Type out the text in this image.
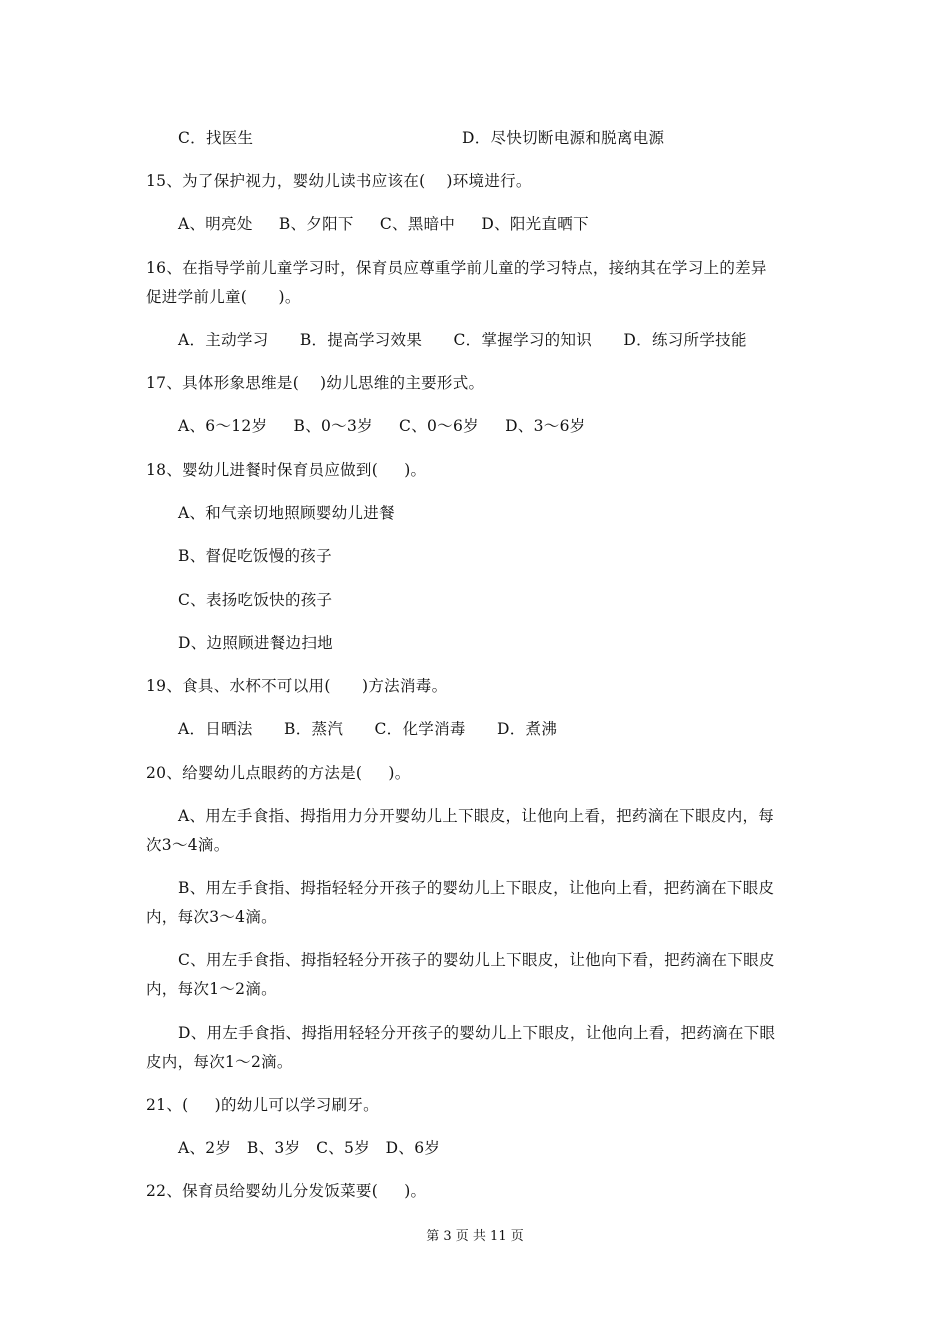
C．找医生	D．尽快切断电源和脱离电源
15、为了保护视力，婴幼儿读书应该在(    )环境进行。
A、明亮处     B、夕阳下     C、黑暗中     D、阳光直晒下
16、在指导学前儿童学习时，保育员应尊重学前儿童的学习特点，接纳其在学习上的差异
促进学前儿童(      )。
A．主动学习      B．提高学习效果      C．掌握学习的知识      D．练习所学技能
17、具体形象思维是(    )幼儿思维的主要形式。
A、6～12岁     B、0～3岁     C、0～6岁     D、3～6岁
18、婴幼儿进餐时保育员应做到(     )。
A、和气亲切地照顾婴幼儿进餐
B、督促吃饭慢的孩子
C、表扬吃饭快的孩子
D、边照顾进餐边扫地
19、食具、水杯不可以用(      )方法消毒。
A．日晒法      B．蒸汽      C．化学消毒      D．煮沸
20、给婴幼儿点眼药的方法是(     )。
A、用左手食指、拇指用力分开婴幼儿上下眼皮，让他向上看，把药滴在下眼皮内，每
次3～4滴。
B、用左手食指、拇指轻轻分开孩子的婴幼儿上下眼皮，让他向上看，把药滴在下眼皮
内，每次3～4滴。
C、用左手食指、拇指轻轻分开孩子的婴幼儿上下眼皮，让他向下看，把药滴在下眼皮
内，每次1～2滴。
D、用左手食指、拇指用轻轻分开孩子的婴幼儿上下眼皮，让他向上看，把药滴在下眼
皮内，每次1～2滴。
21、(     )的幼儿可以学习刷牙。
A、2岁   B、3岁   C、5岁   D、6岁
22、保育员给婴幼儿分发饭菜要(     )。
第 3 页 共 11 页
